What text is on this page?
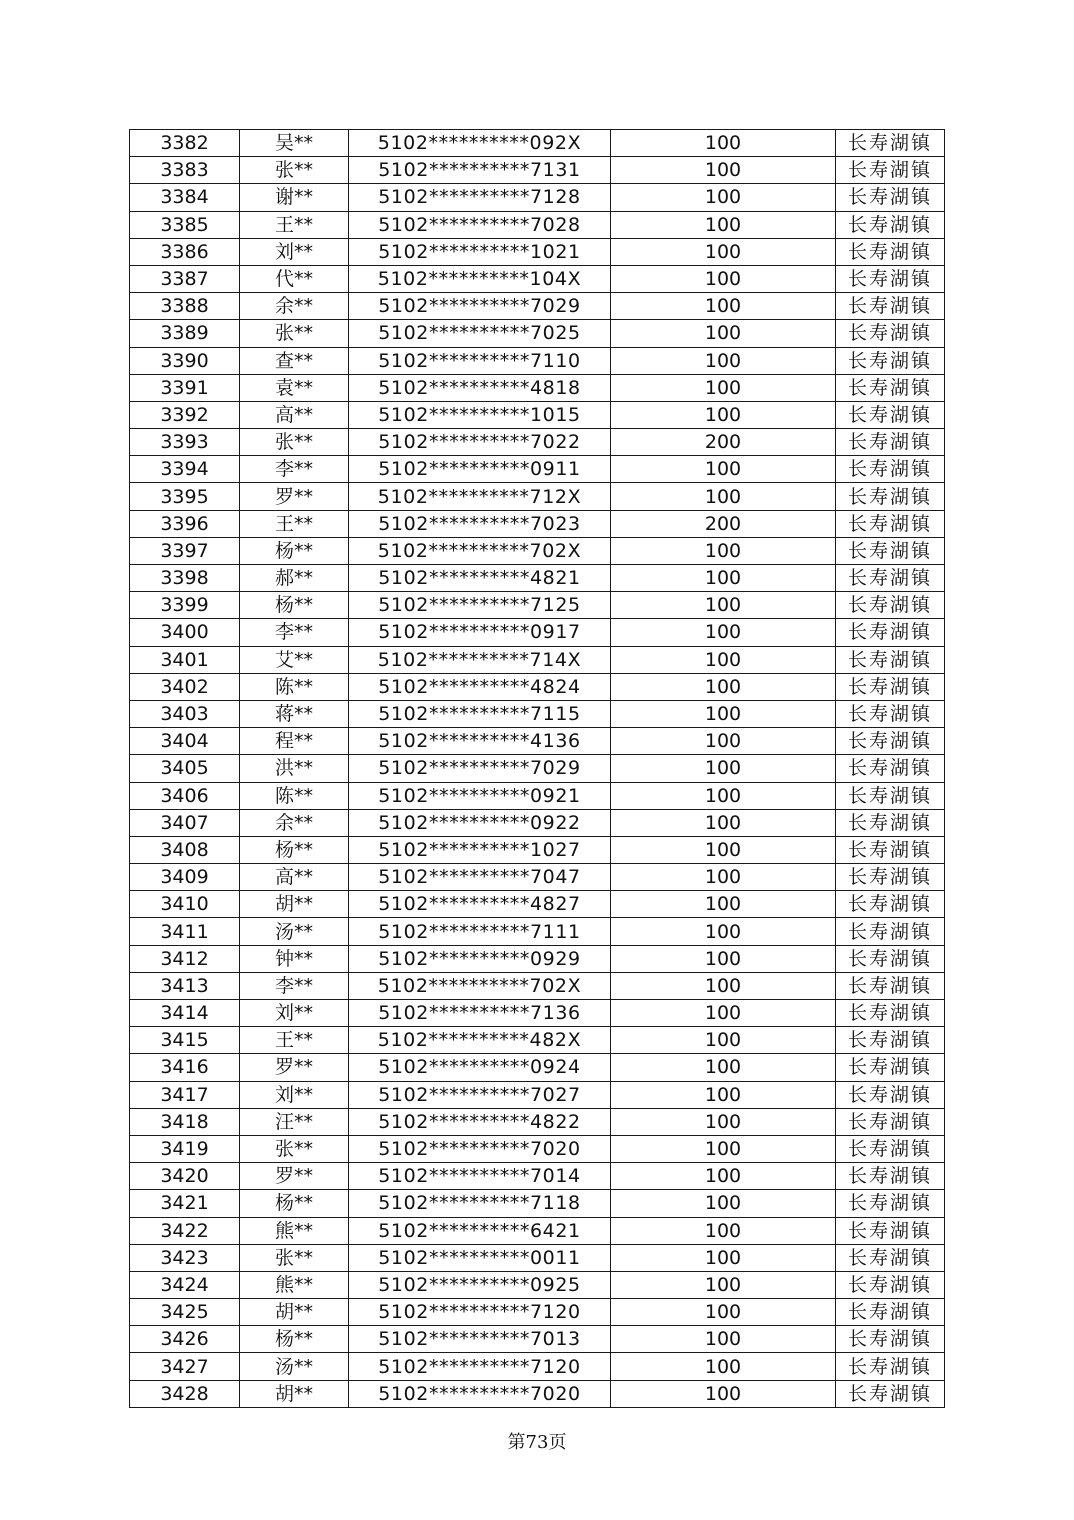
3382	吴**	5102**********092X	100	长寿湖镇
3383	张**	5102**********7131	100	长寿湖镇
3384	谢**	5102**********7128	100	长寿湖镇
3385	王**	5102**********7028	100	长寿湖镇
3386	刘**	5102**********1021	100	长寿湖镇
3387	代**	5102**********104X	100	长寿湖镇
3388	余**	5102**********7029	100	长寿湖镇
3389	张**	5102**********7025	100	长寿湖镇
3390	查**	5102**********7110	100	长寿湖镇
3391	袁**	5102**********4818	100	长寿湖镇
3392	高**	5102**********1015	100	长寿湖镇
3393	张**	5102**********7022	200	长寿湖镇
3394	李**	5102**********0911	100	长寿湖镇
3395	罗**	5102**********712X	100	长寿湖镇
3396	王**	5102**********7023	200	长寿湖镇
3397	杨**	5102**********702X	100	长寿湖镇
3398	郝**	5102**********4821	100	长寿湖镇
3399	杨**	5102**********7125	100	长寿湖镇
3400	李**	5102**********0917	100	长寿湖镇
3401	艾**	5102**********714X	100	长寿湖镇
3402	陈**	5102**********4824	100	长寿湖镇
3403	蒋**	5102**********7115	100	长寿湖镇
3404	程**	5102**********4136	100	长寿湖镇
3405	洪**	5102**********7029	100	长寿湖镇
3406	陈**	5102**********0921	100	长寿湖镇
3407	余**	5102**********0922	100	长寿湖镇
3408	杨**	5102**********1027	100	长寿湖镇
3409	高**	5102**********7047	100	长寿湖镇
3410	胡**	5102**********4827	100	长寿湖镇
3411	汤**	5102**********7111	100	长寿湖镇
3412	钟**	5102**********0929	100	长寿湖镇
3413	李**	5102**********702X	100	长寿湖镇
3414	刘**	5102**********7136	100	长寿湖镇
3415	王**	5102**********482X	100	长寿湖镇
3416	罗**	5102**********0924	100	长寿湖镇
3417	刘**	5102**********7027	100	长寿湖镇
3418	汪**	5102**********4822	100	长寿湖镇
3419	张**	5102**********7020	100	长寿湖镇
3420	罗**	5102**********7014	100	长寿湖镇
3421	杨**	5102**********7118	100	长寿湖镇
3422	熊**	5102**********6421	100	长寿湖镇
3423	张**	5102**********0011	100	长寿湖镇
3424	熊**	5102**********0925	100	长寿湖镇
3425	胡**	5102**********7120	100	长寿湖镇
3426	杨**	5102**********7013	100	长寿湖镇
3427	汤**	5102**********7120	100	长寿湖镇
3428	胡**	5102**********7020	100	长寿湖镇
第73页
